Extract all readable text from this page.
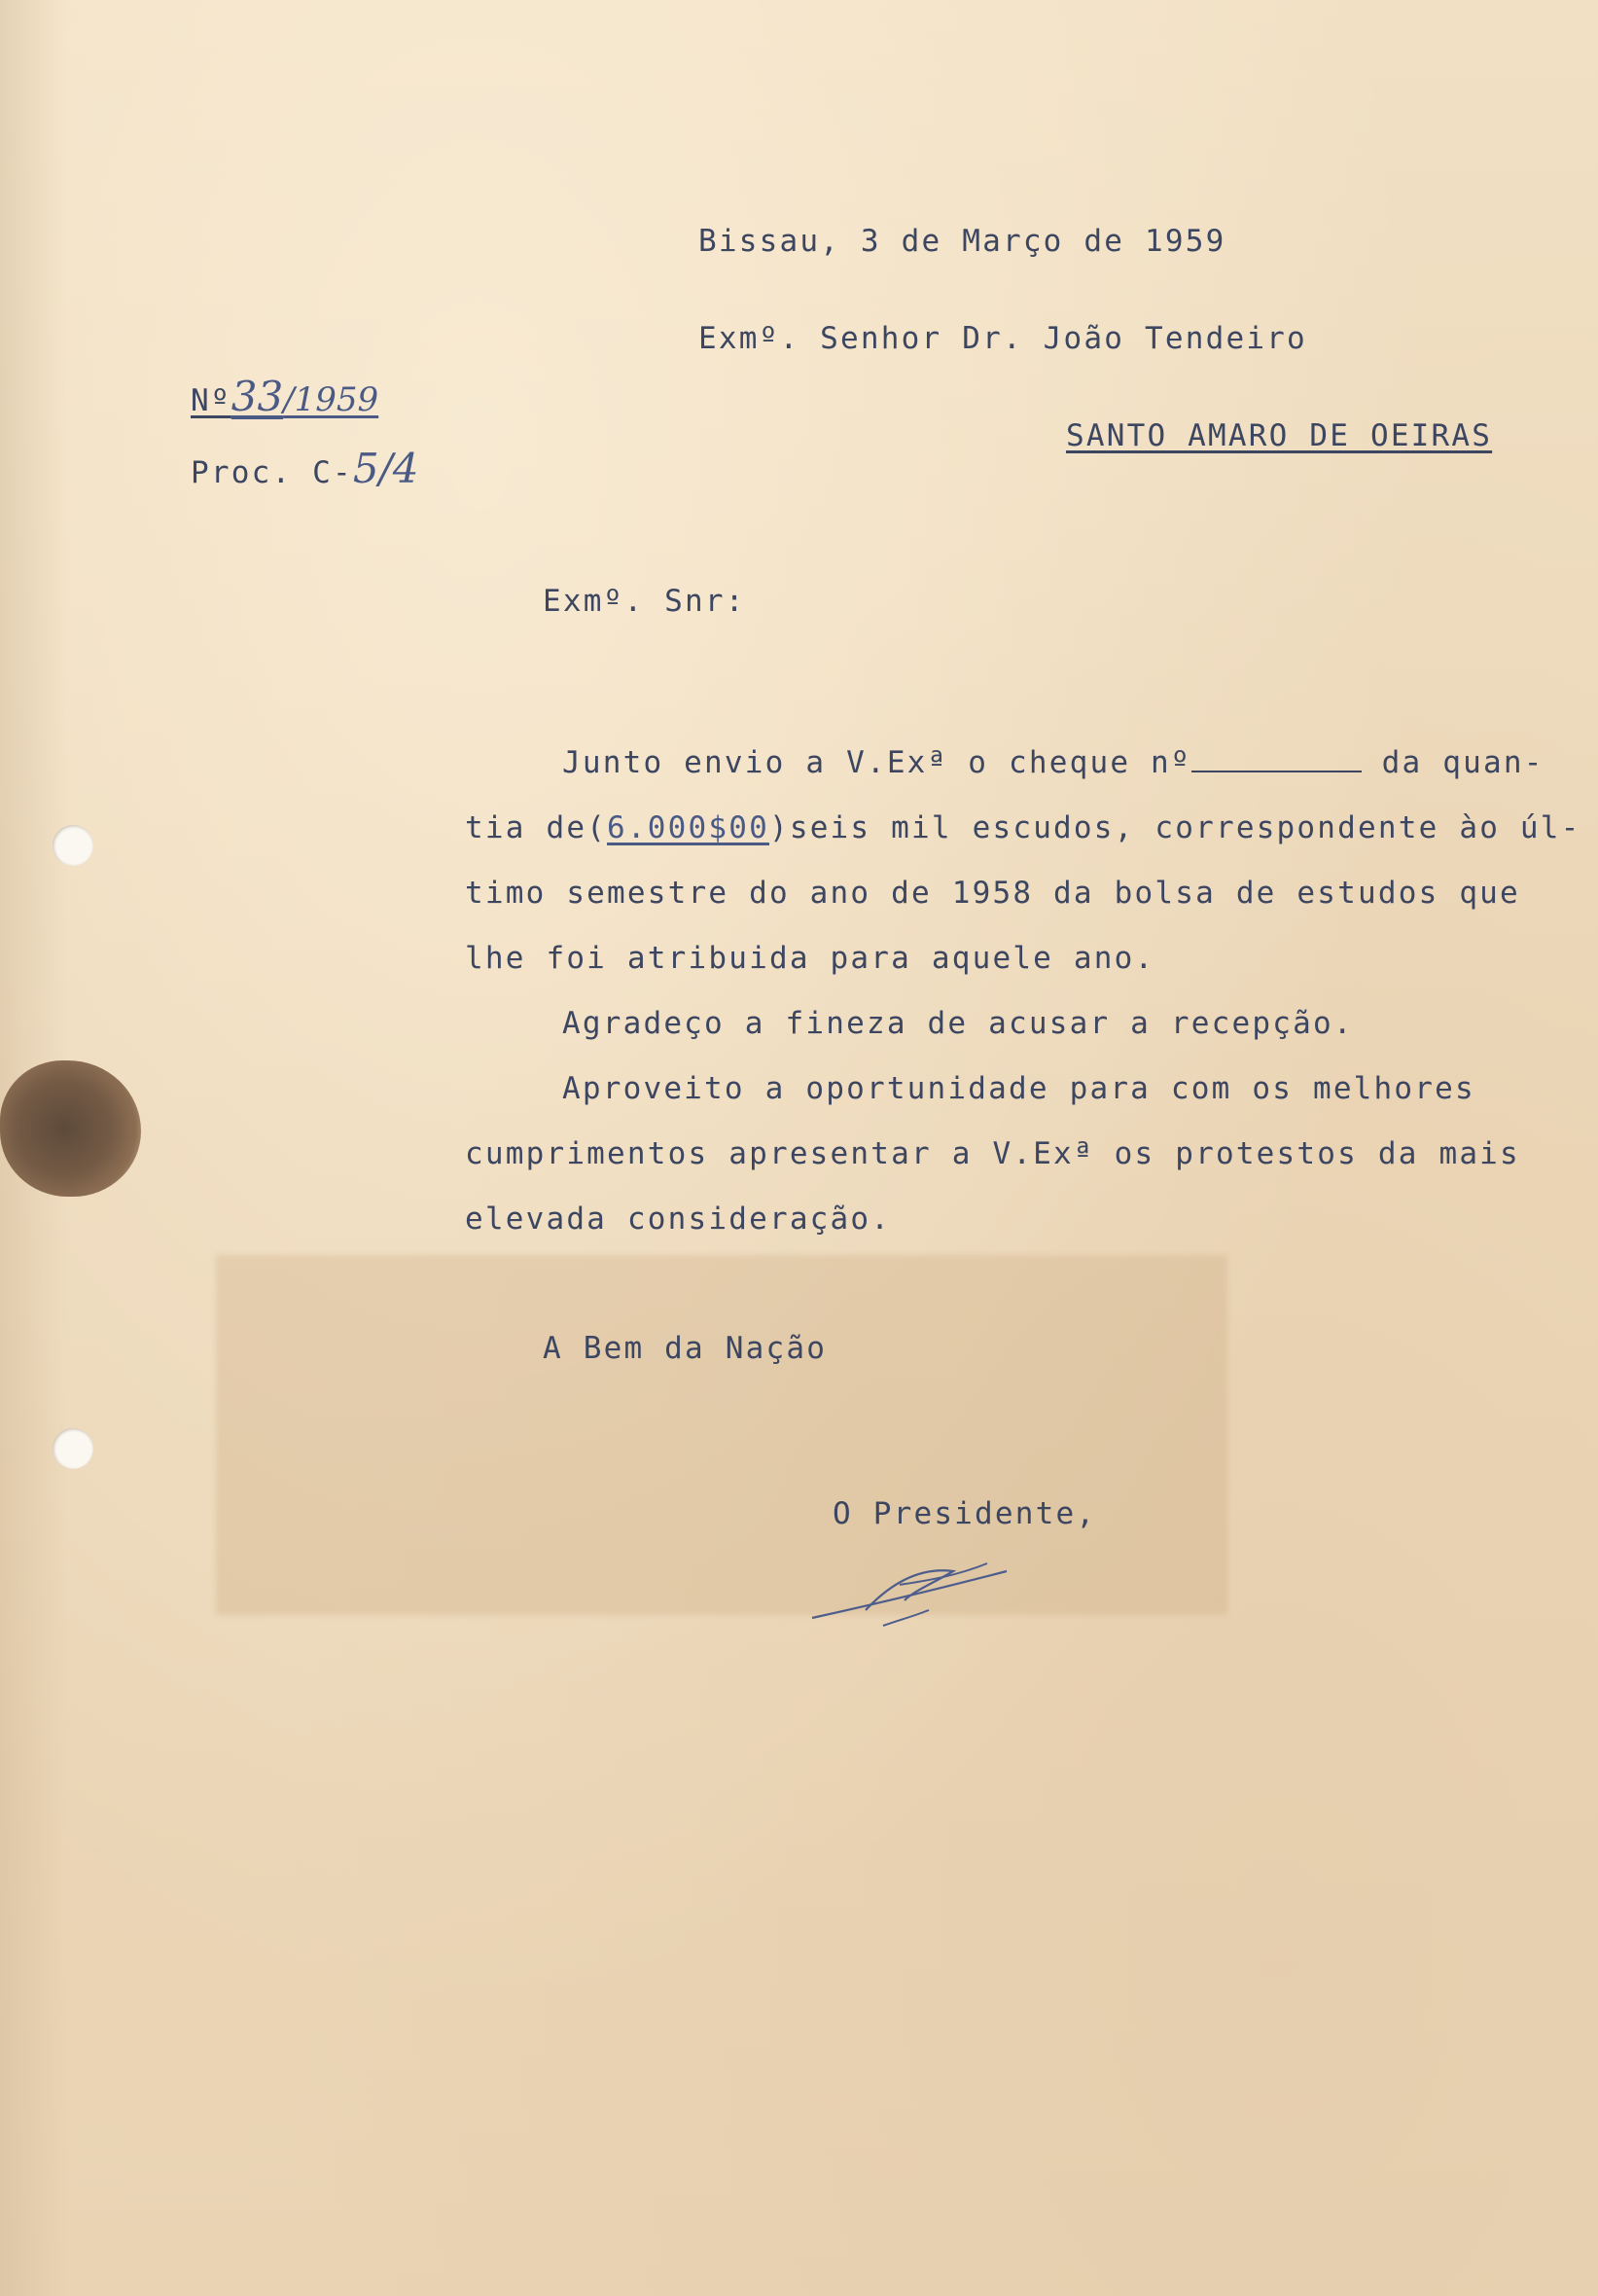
Bissau, 3 de Março de 1959
Exmº. Senhor Dr. João Tendeiro
SANTO AMARO DE OEIRAS
Nº33/1959
Proc. C-5/4
Exmº. Snr:
Junto envio a V.Exª o cheque nº	da quan-
tia de(6.000$00)seis mil escudos, correspondente ào úl-
timo semestre do ano de 1958 da bolsa de estudos que
lhe foi atribuida para aquele ano.
Agradeço a fineza de acusar a recepção.
Aproveito a oportunidade para com os melhores
cumprimentos apresentar a V.Exª os protestos da mais
elevada consideração.
A Bem da Nação
O Presidente,
